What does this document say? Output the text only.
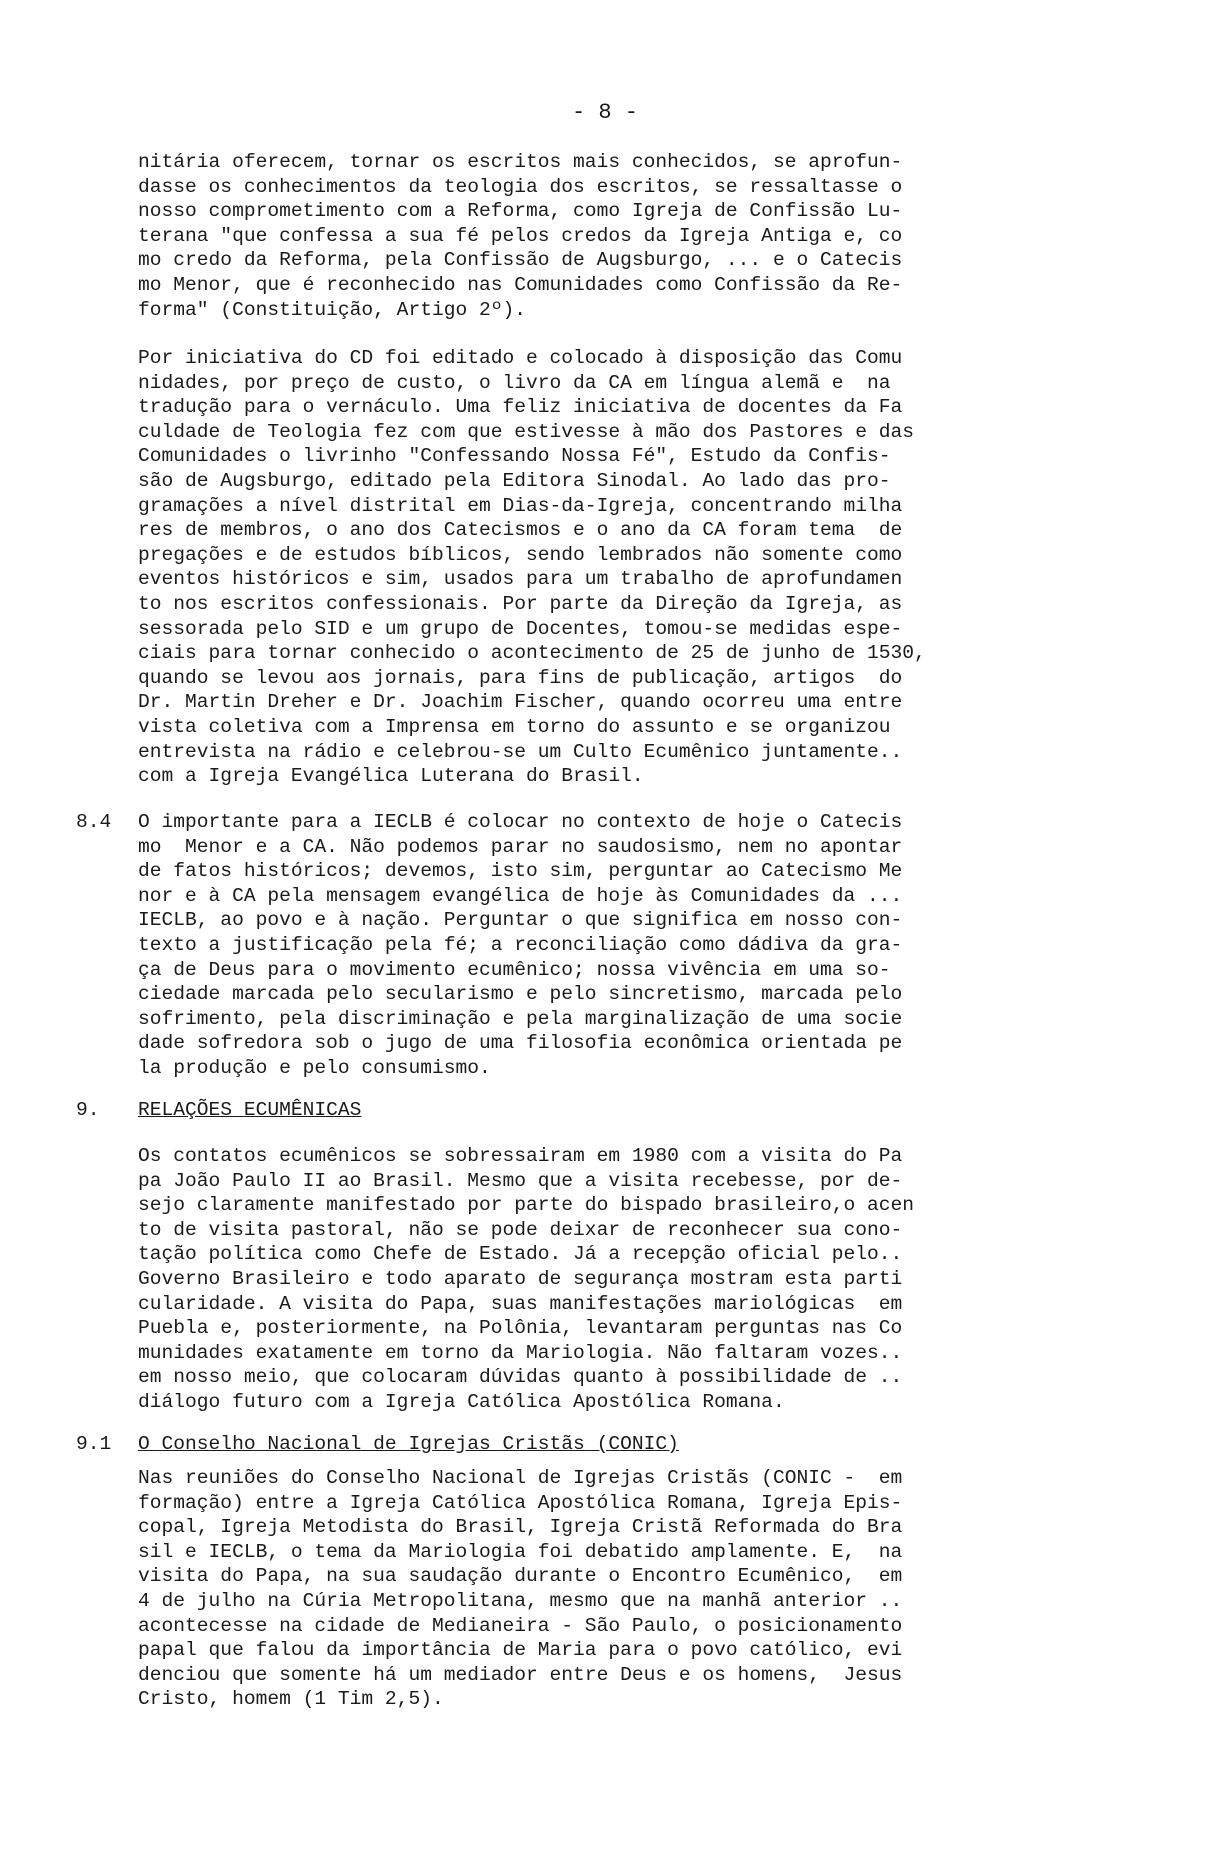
- 8 -
nitária oferecem, tornar os escritos mais conhecidos, se aprofun-
dasse os conhecimentos da teologia dos escritos, se ressaltasse o
nosso comprometimento com a Reforma, como Igreja de Confissão Lu-
terana "que confessa a sua fé pelos credos da Igreja Antiga e, co
mo credo da Reforma, pela Confissão de Augsburgo, ... e o Catecis
mo Menor, que é reconhecido nas Comunidades como Confissão da Re-
forma" (Constituição, Artigo 2º).
Por iniciativa do CD foi editado e colocado à disposição das Comu
nidades, por preço de custo, o livro da CA em língua alemã e  na
tradução para o vernáculo. Uma feliz iniciativa de docentes da Fa
culdade de Teologia fez com que estivesse à mão dos Pastores e das
Comunidades o livrinho "Confessando Nossa Fé", Estudo da Confis-
são de Augsburgo, editado pela Editora Sinodal. Ao lado das pro-
gramações a nível distrital em Dias-da-Igreja, concentrando milha
res de membros, o ano dos Catecismos e o ano da CA foram tema  de
pregações e de estudos bíblicos, sendo lembrados não somente como
eventos históricos e sim, usados para um trabalho de aprofundamen
to nos escritos confessionais. Por parte da Direção da Igreja, as
sessorada pelo SID e um grupo de Docentes, tomou-se medidas espe-
ciais para tornar conhecido o acontecimento de 25 de junho de 1530,
quando se levou aos jornais, para fins de publicação, artigos  do
Dr. Martin Dreher e Dr. Joachim Fischer, quando ocorreu uma entre
vista coletiva com a Imprensa em torno do assunto e se organizou
entrevista na rádio e celebrou-se um Culto Ecumênico juntamente..
com a Igreja Evangélica Luterana do Brasil.
8.4 O importante para a IECLB é colocar no contexto de hoje o Catecis
mo  Menor e a CA. Não podemos parar no saudosismo, nem no apontar
de fatos históricos; devemos, isto sim, perguntar ao Catecismo Me
nor e à CA pela mensagem evangélica de hoje às Comunidades da ...
IECLB, ao povo e à nação. Perguntar o que significa em nosso con-
texto a justificação pela fé; a reconciliação como dádiva da gra-
ça de Deus para o movimento ecumênico; nossa vivência em uma so-
ciedade marcada pelo secularismo e pelo sincretismo, marcada pelo
sofrimento, pela discriminação e pela marginalização de uma socie
dade sofredora sob o jugo de uma filosofia econômica orientada pe
la produção e pelo consumismo.
9. RELAÇÕES ECUMÊNICAS
Os contatos ecumênicos se sobressairam em 1980 com a visita do Pa
pa João Paulo II ao Brasil. Mesmo que a visita recebesse, por de-
sejo claramente manifestado por parte do bispado brasileiro,o acen
to de visita pastoral, não se pode deixar de reconhecer sua cono-
tação política como Chefe de Estado. Já a recepção oficial pelo..
Governo Brasileiro e todo aparato de segurança mostram esta parti
cularidade. A visita do Papa, suas manifestações mariológicas  em
Puebla e, posteriormente, na Polônia, levantaram perguntas nas Co
munidades exatamente em torno da Mariologia. Não faltaram vozes..
em nosso meio, que colocaram dúvidas quanto à possibilidade de ..
diálogo futuro com a Igreja Católica Apostólica Romana.
9.1 O Conselho Nacional de Igrejas Cristãs (CONIC)
Nas reuniões do Conselho Nacional de Igrejas Cristãs (CONIC -  em
formação) entre a Igreja Católica Apostólica Romana, Igreja Epis-
copal, Igreja Metodista do Brasil, Igreja Cristã Reformada do Bra
sil e IECLB, o tema da Mariologia foi debatido amplamente. E,  na
visita do Papa, na sua saudação durante o Encontro Ecumênico,  em
4 de julho na Cúria Metropolitana, mesmo que na manhã anterior ..
acontecesse na cidade de Medianeira - São Paulo, o posicionamento
papal que falou da importância de Maria para o povo católico, evi
denciou que somente há um mediador entre Deus e os homens,  Jesus
Cristo, homem (1 Tim 2,5).
